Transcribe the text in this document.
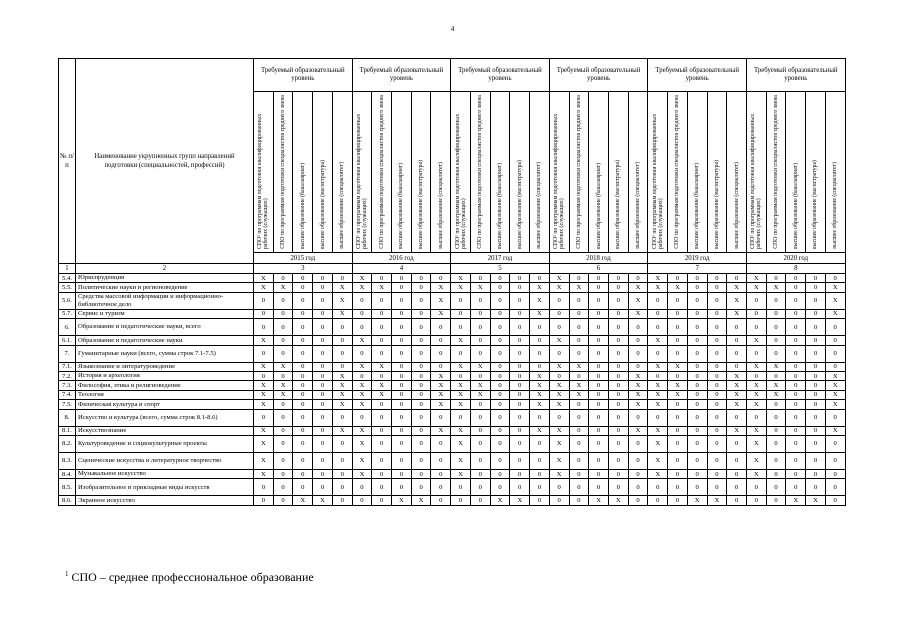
4
№ п/п	Наименование укрупненных групп направлений подготовки (специальностей, профессий)	Требуемый образовательный уровень					Требуемый образовательный уровень					Требуемый образовательный уровень					Требуемый образовательный уровень					Требуемый образовательный уровень					Требуемый образовательный уровень				

		СПО¹ по программам подготовки квалифицированных рабочих (служащих)	СПО по программам подготовки специалистов среднего звена	высшее образование (бакалавриат)	высшее образование (магистратура)	высшее образование (специалитет)	СПО¹ по программам подготовки квалифицированных рабочих (служащих)	СПО по программам подготовки специалистов среднего звена	высшее образование (бакалавриат)	высшее образование (магистратура)	высшее образование (специалитет)	СПО¹ по программам подготовки квалифицированных рабочих (служащих)	СПО по программам подготовки специалистов среднего звена	высшее образование (бакалавриат)	высшее образование (магистратура)	высшее образование (специалитет)	СПО¹ по программам подготовки квалифицированных рабочих (служащих)	СПО по программам подготовки специалистов среднего звена	высшее образование (бакалавриат)	высшее образование (магистратура)	высшее образование (специалитет)	СПО¹ по программам подготовки квалифицированных рабочих (служащих)	СПО по программам подготовки специалистов среднего звена	высшее образование (бакалавриат)	высшее образование (магистратура)	высшее образование (специалитет)	СПО¹ по программам подготовки квалифицированных рабочих (служащих)	СПО по программам подготовки специалистов среднего звена	высшее образование (бакалавриат)	высшее образование (магистратура)	высшее образование (специалитет)

		2015 год					2016 год					2017 год					2018 год					2019 год					2020 год				
1	2	3					4					5					6					7					8				
5.4.	Юриспруденция	X	0	0	0	0	X	0	0	0	0	X	0	0	0	0	X	0	0	0	0	X	0	0	0	0	X	0	0	0	0
5.5.	Политические науки и регионоведение	X	X	0	0	X	X	X	0	0	X	X	X	0	0	X	X	X	0	0	X	X	X	0	0	X	X	X	0	0	X
5.6.	Средства массовой информации и информационно-библиотечное дело	0	0	0	0	X	0	0	0	0	X	0	0	0	0	X	0	0	0	0	X	0	0	0	0	X	0	0	0	0	X
5.7.	Сервис и туризм	0	0	0	0	X	0	0	0	0	X	0	0	0	0	X	0	0	0	0	X	0	0	0	0	X	0	0	0	0	X
6.	Образование и педагогические науки, всего	0	0	0	0	0	0	0	0	0	0	0	0	0	0	0	0	0	0	0	0	0	0	0	0	0	0	0	0	0	0
6.1.	Образование и педагогические науки	X	0	0	0	0	X	0	0	0	0	X	0	0	0	0	X	0	0	0	0	X	0	0	0	0	X	0	0	0	0
7.	Гуманитарные науки (всего, сумма строк 7.1-7.5)	0	0	0	0	0	0	0	0	0	0	0	0	0	0	0	0	0	0	0	0	0	0	0	0	0	0	0	0	0	0
7.1.	Языкознание и литературоведение	X	X	0	0	0	X	X	0	0	0	X	X	0	0	0	X	X	0	0	0	X	X	0	0	0	X	X	0	0	0
7.2.	История и археология	0	0	0	0	X	0	0	0	0	X	0	0	0	0	X	0	0	0	0	X	0	0	0	0	X	0	0	0	0	X
7.3.	Философия, этика и религиоведение	X	X	0	0	X	X	X	0	0	X	X	X	0	0	X	X	X	0	0	X	X	X	0	0	X	X	X	0	0	X
7.4.	Теология	X	X	0	0	X	X	X	0	0	X	X	X	0	0	X	X	X	0	0	X	X	X	0	0	X	X	X	0	0	X
7.5.	Физическая культура и спорт	X	0	0	0	X	X	0	0	0	X	X	0	0	0	X	X	0	0	0	X	X	0	0	0	X	X	0	0	0	X
8.	Искусство и культура (всего, сумма строк 8.1-8.6)	0	0	0	0	0	0	0	0	0	0	0	0	0	0	0	0	0	0	0	0	0	0	0	0	0	0	0	0	0	0
8.1.	Искусствознание	X	0	0	0	X	X	0	0	0	X	X	0	0	0	X	X	0	0	0	X	X	0	0	0	X	X	0	0	0	X
8.2.	Культуроведение и социокультурные проекты	X	0	0	0	0	X	0	0	0	0	X	0	0	0	0	X	0	0	0	0	X	0	0	0	0	X	0	0	0	0
8.3.	Сценические искусства и литературное творчество	X	0	0	0	0	X	0	0	0	0	X	0	0	0	0	X	0	0	0	0	X	0	0	0	0	X	0	0	0	0
8.4.	Музыкальное искусство	X	0	0	0	0	X	0	0	0	0	X	0	0	0	0	X	0	0	0	0	X	0	0	0	0	X	0	0	0	0
8.5.	Изобразительное и прикладные виды искусств	0	0	0	0	0	0	0	0	0	0	0	0	0	0	0	0	0	0	0	0	0	0	0	0	0	0	0	0	0	0
8.6.	Экранное искусство	0	0	X	X	0	0	0	X	X	0	0	0	X	X	0	0	0	X	X	0	0	0	X	X	0	0	0	X	X	0
$^1$ СПО – среднее профессиональное образование
